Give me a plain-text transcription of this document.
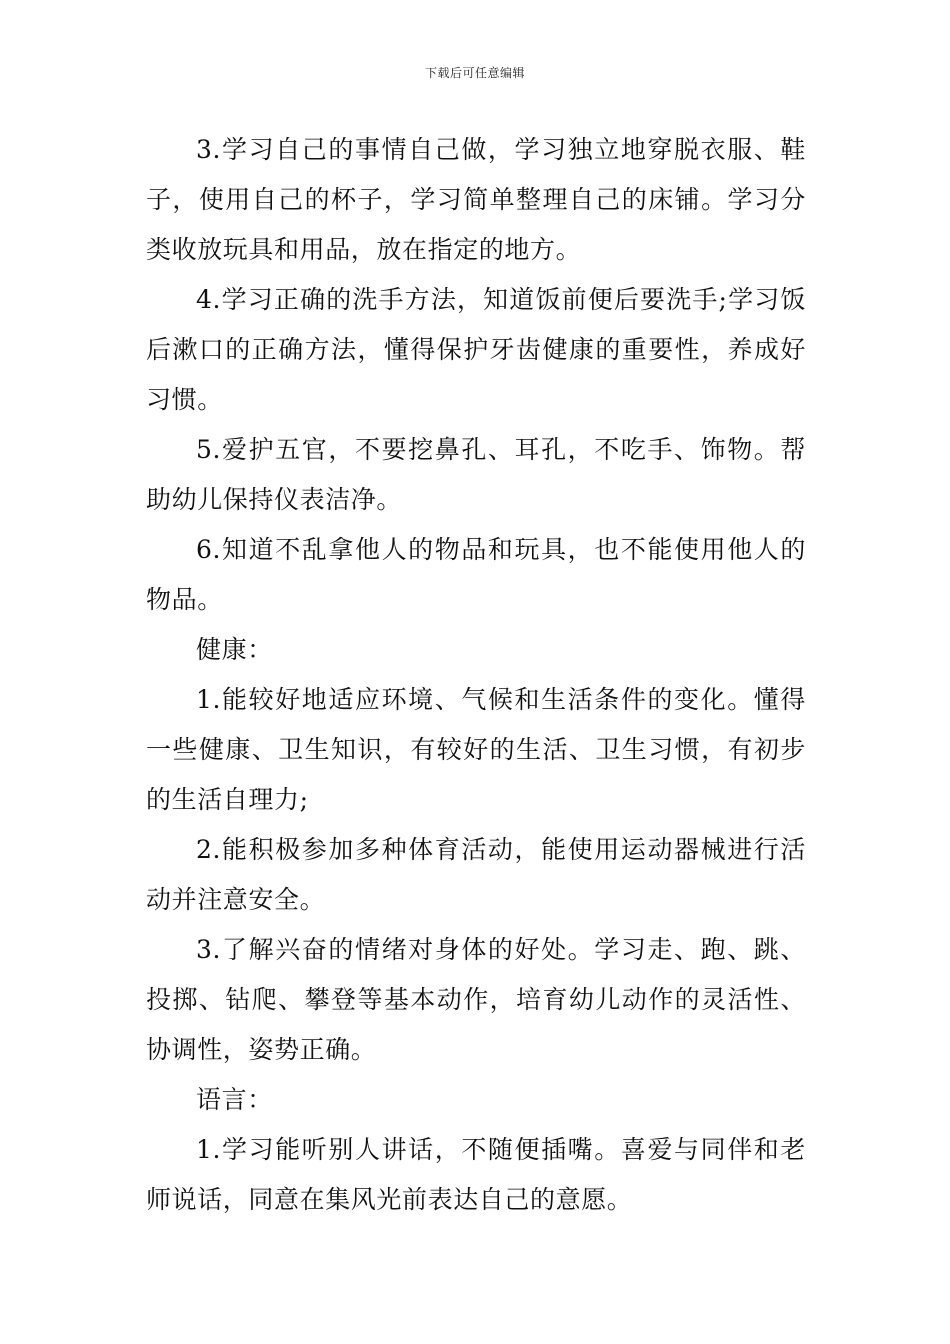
下载后可任意编辑

3.学习自己的事情自己做，学习独立地穿脱衣服、鞋子，使用自己的杯子，学习简单整理自己的床铺。学习分类收放玩具和用品，放在指定的地方。

4.学习正确的洗手方法，知道饭前便后要洗手;学习饭后漱口的正确方法，懂得保护牙齿健康的重要性，养成好习惯。

5.爱护五官，不要挖鼻孔、耳孔，不吃手、饰物。帮助幼儿保持仪表洁净。

6.知道不乱拿他人的物品和玩具，也不能使用他人的物品。

健康：

1.能较好地适应环境、气候和生活条件的变化。懂得一些健康、卫生知识，有较好的生活、卫生习惯，有初步的生活自理力;

2.能积极参加多种体育活动，能使用运动器械进行活动并注意安全。

3.了解兴奋的情绪对身体的好处。学习走、跑、跳、投掷、钻爬、攀登等基本动作，培育幼儿动作的灵活性、协调性，姿势正确。

语言：

1.学习能听别人讲话，不随便插嘴。喜爱与同伴和老师说话，同意在集风光前表达自己的意愿。
